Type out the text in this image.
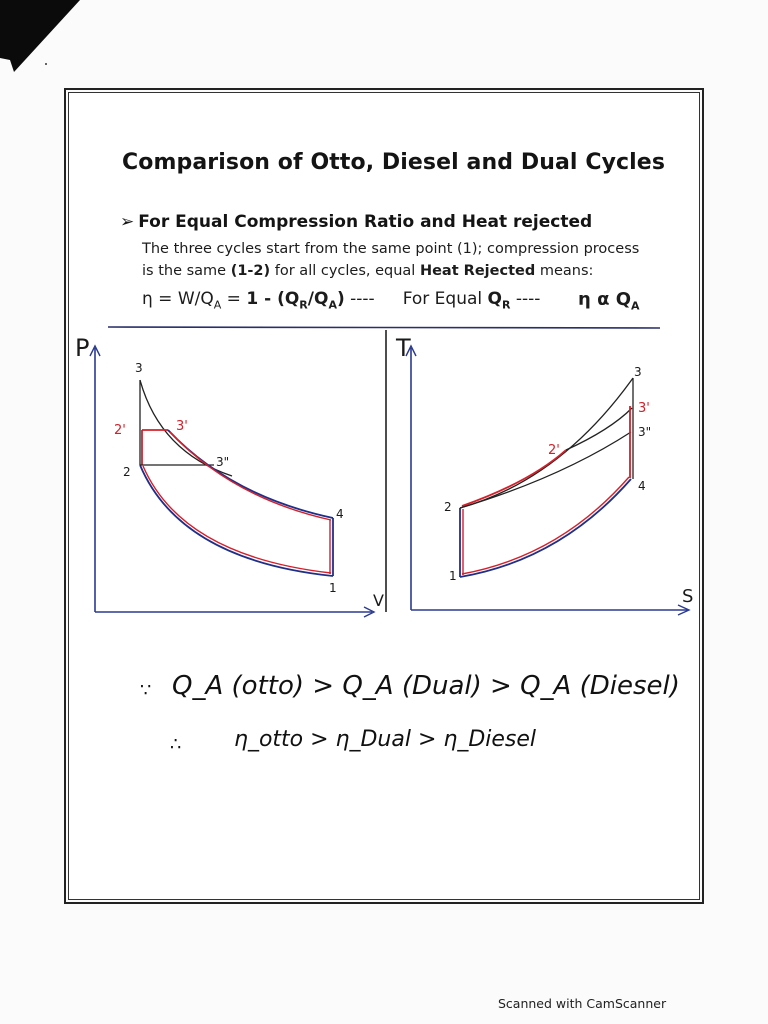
Comparison of Otto, Diesel and Dual Cycles
➢ For Equal Compression Ratio and Heat rejected
The three cycles start from the same point (1); compression process
is the same (1-2) for all cycles, equal Heat Rejected means:
$\eta = W/Q_A = 1 - (Q_R/Q_A)$ ---- For Equal $Q_R$ ---- η α $Q_A$
P
V
3
2'	3'
2
3"
4
1
T
S
3
3'
3"
2'
4
2
1
∵ Q_A (otto) > Q_A (Dual) > Q_A (Diesel)
∴ η_otto > η_Dual > η_Diesel
Scanned with CamScanner
